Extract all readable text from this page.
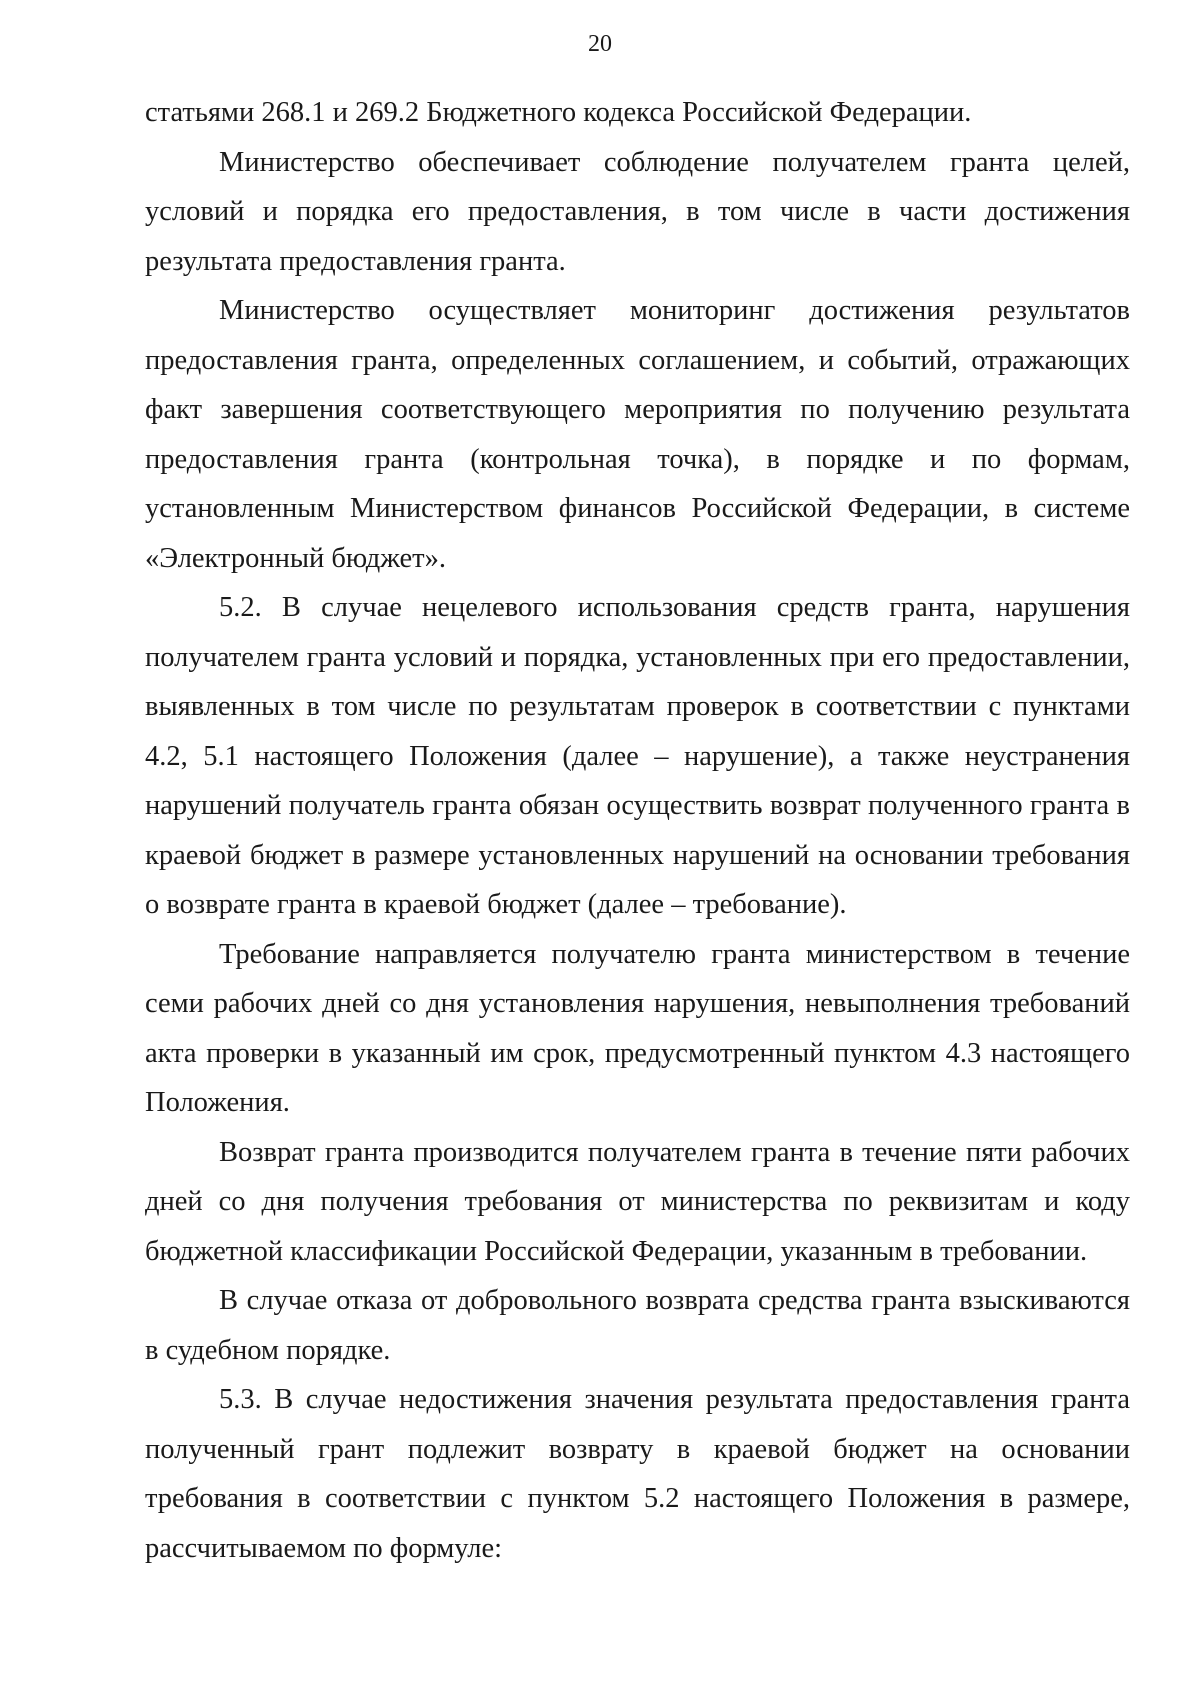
20

статьями 268.1 и 269.2 Бюджетного кодекса Российской Федерации.

Министерство обеспечивает соблюдение получателем гранта целей, условий и порядка его предоставления, в том числе в части достижения результата предоставления гранта.

Министерство осуществляет мониторинг достижения результатов предоставления гранта, определенных соглашением, и событий, отражающих факт завершения соответствующего мероприятия по получению результата предоставления гранта (контрольная точка), в порядке и по формам, установленным Министерством финансов Российской Федерации, в системе «Электронный бюджет».

5.2. В случае нецелевого использования средств гранта, нарушения получателем гранта условий и порядка, установленных при его предоставлении, выявленных в том числе по результатам проверок в соответствии с пунктами 4.2, 5.1 настоящего Положения (далее – нарушение), а также неустранения нарушений получатель гранта обязан осуществить возврат полученного гранта в краевой бюджет в размере установленных нарушений на основании требования о возврате гранта в краевой бюджет (далее – требование).

Требование направляется получателю гранта министерством в течение семи рабочих дней со дня установления нарушения, невыполнения требований акта проверки в указанный им срок, предусмотренный пунктом 4.3 настоящего Положения.

Возврат гранта производится получателем гранта в течение пяти рабочих дней со дня получения требования от министерства по реквизитам и коду бюджетной классификации Российской Федерации, указанным в требовании.

В случае отказа от добровольного возврата средства гранта взыскиваются в судебном порядке.

5.3. В случае недостижения значения результата предоставления гранта полученный грант подлежит возврату в краевой бюджет на основании требования в соответствии с пунктом 5.2 настоящего Положения в размере, рассчитываемом по формуле:
